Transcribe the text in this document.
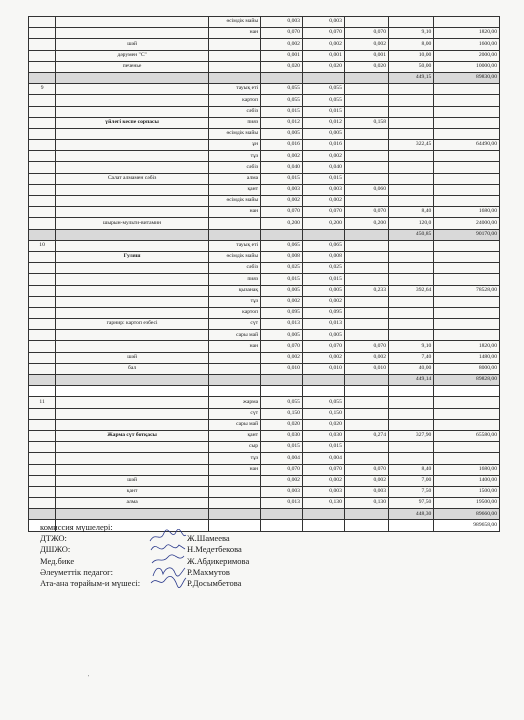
		өсімдік майы	0,003	0,003			
		нан	0,070	0,070	0,070	9,10	1820,00
	шәй		0,002	0,002	0,002	8,00	1600,00
	дәрумен "С"		0,001	0,001	0,001	10,00	2000,00
	печенье		0,020	0,020	0,020	50,00	10000,00
						449,15	89830,00
9		тауық еті	0,055	0,055			
		картоп	0,055	0,055			
		сәбіз	0,015	0,015			
	үйлегі кеспе сорпасы	пияз	0,012	0,012	0,158		
		өсімдік майы	0,005	0,005			
		ұн	0,016	0,016		322,45	64490,00
		тұз	0,002	0,002			
		сәбіз	0,040	0,040			
	Салат алмамен сәбіз	алма	0,015	0,015			
		қант	0,003	0,003	0,060		
		өсімдік майы	0,002	0,002			
		нан	0,070	0,070	0,070	8,40	1680,00
	шырын-мульти-витамин		0,200	0,200	0,200	120,0	24000,00
						450,85	90170,00
10		тауық еті	0,065	0,065			
	Гуляш	өсімдік майы	0,008	0,008			
		сәбіз	0,025	0,025			
		пияз	0,015	0,015			
		қызанақ	0,005	0,005	0,233	392,64	78528,00
		тұз	0,002	0,002			
		картоп	0,095	0,095			
	гарнир: картоп езбесі	сүт	0,013	0,013			
		сары май	0,005	0,005			
		нан	0,070	0,070	0,070	9,10	1820,00
	шәй		0,002	0,002	0,002	7,40	1480,00
	бал		0,010	0,010	0,010	40,00	8000,00
						449,14	89828,00

11		жарма	0,055	0,055			
		сүт	0,150	0,150			
		сары май	0,020	0,020			
	Жарма сүт ботқасы	қант	0,030	0,030	0,274	327,90	65580,00
		сыр	0,015	0,015			
		тұз	0,004	0,004			
		нан	0,070	0,070	0,070	8,40	1680,00
	шәй		0,002	0,002	0,002	7,00	1400,00
	қант		0,003	0,003	0,003	7,50	1500,00
	алма		0,013	0,130	0,130	97,50	19500,00
						448,30	89660,00
							989658,00
комиссия мүшелері:
ДТЖО:	Ж.Шамеева
ДШЖО:	Н.Медетбекова
Мед.бике	Ж.Абдикеримова
Әлеуметтік педагог:	Р.Махмутов
Ата-ана төрайым-и мүшесі:	Р.Досымбетова
'
